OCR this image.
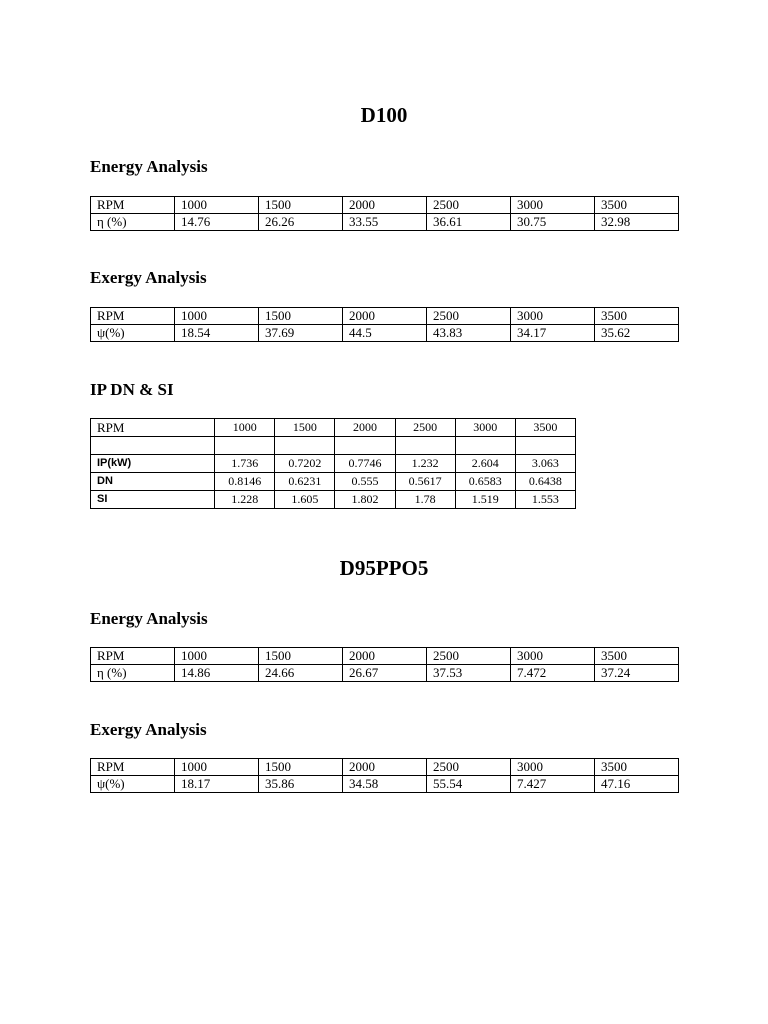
D100
Energy Analysis
RPM	1000	1500	2000	2500	3000	3500
η (%)	14.76	26.26	33.55	36.61	30.75	32.98
Exergy Analysis
RPM	1000	1500	2000	2500	3000	3500
ψ(%)	18.54	37.69	44.5	43.83	34.17	35.62
IP DN & SI
RPM	1000	1500	2000	2500	3000	3500

IP(kW)	1.736	0.7202	0.7746	1.232	2.604	3.063
DN	0.8146	0.6231	0.555	0.5617	0.6583	0.6438
SI	1.228	1.605	1.802	1.78	1.519	1.553
D95PPO5
Energy Analysis
RPM	1000	1500	2000	2500	3000	3500
η (%)	14.86	24.66	26.67	37.53	7.472	37.24
Exergy Analysis
RPM	1000	1500	2000	2500	3000	3500
ψ(%)	18.17	35.86	34.58	55.54	7.427	47.16
